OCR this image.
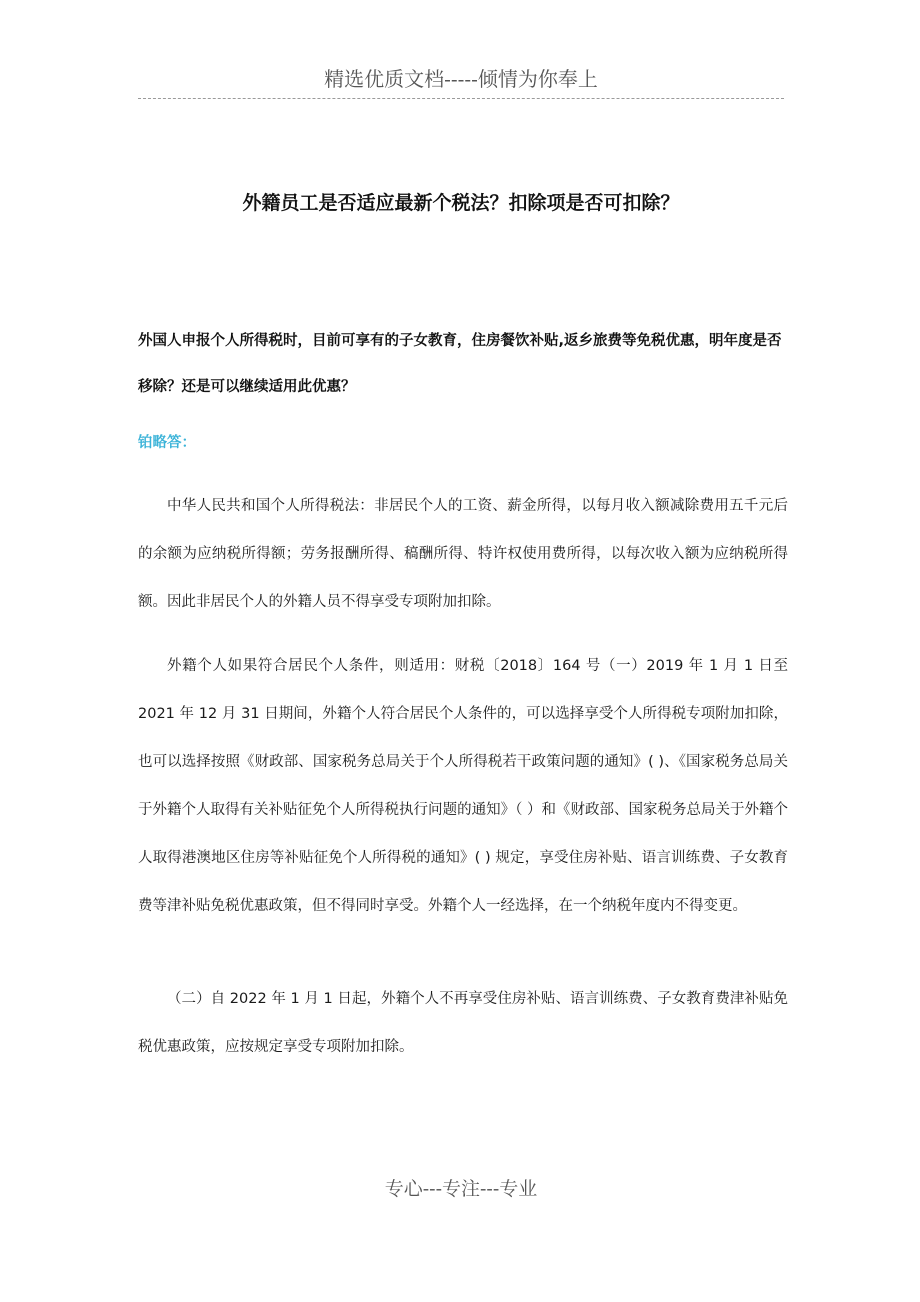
精选优质文档-----倾情为你奉上
外籍员工是否适应最新个税法？扣除项是否可扣除？
外国人申报个人所得税时，目前可享有的子女教育，住房餐饮补贴,返乡旅费等免税优惠，明年度是否移除？还是可以继续适用此优惠？
铂略答：
中华人民共和国个人所得税法：非居民个人的工资、薪金所得，以每月收入额减除费用五千元后的余额为应纳税所得额；劳务报酬所得、稿酬所得、特许权使用费所得，以每次收入额为应纳税所得额。因此非居民个人的外籍人员不得享受专项附加扣除。
外籍个人如果符合居民个人条件，则适用：财税〔2018〕164 号（一）2019 年 1 月 1 日至 2021 年 12 月 31 日期间，外籍个人符合居民个人条件的，可以选择享受个人所得税专项附加扣除，也可以选择按照《财政部、国家税务总局关于个人所得税若干政策问题的通知》( )、《国家税务总局关于外籍个人取得有关补贴征免个人所得税执行问题的通知》（ ）和《财政部、国家税务总局关于外籍个人取得港澳地区住房等补贴征免个人所得税的通知》( ) 规定，享受住房补贴、语言训练费、子女教育费等津补贴免税优惠政策，但不得同时享受。外籍个人一经选择，在一个纳税年度内不得变更。
（二）自 2022 年 1 月 1 日起，外籍个人不再享受住房补贴、语言训练费、子女教育费津补贴免税优惠政策，应按规定享受专项附加扣除。
专心---专注---专业
